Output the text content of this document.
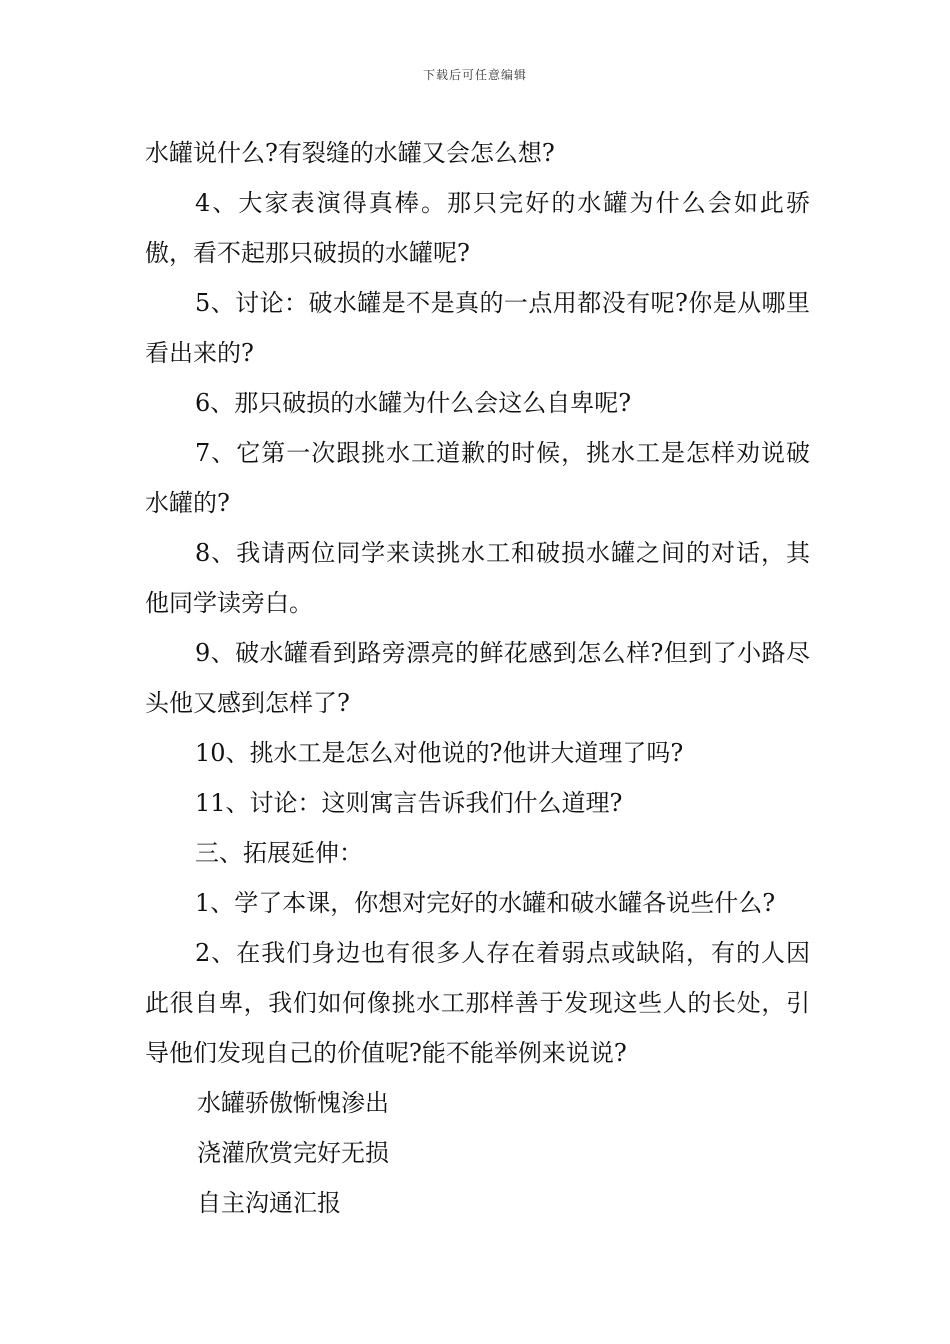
下载后可任意编辑

水罐说什么?有裂缝的水罐又会怎么想?

4、大家表演得真棒。那只完好的水罐为什么会如此骄傲，看不起那只破损的水罐呢?

5、讨论：破水罐是不是真的一点用都没有呢?你是从哪里看出来的?

6、那只破损的水罐为什么会这么自卑呢?

7、它第一次跟挑水工道歉的时候，挑水工是怎样劝说破水罐的?

8、我请两位同学来读挑水工和破损水罐之间的对话，其他同学读旁白。

9、破水罐看到路旁漂亮的鲜花感到怎么样?但到了小路尽头他又感到怎样了?

10、挑水工是怎么对他说的?他讲大道理了吗?

11、讨论：这则寓言告诉我们什么道理?

三、拓展延伸：

1、学了本课，你想对完好的水罐和破水罐各说些什么?

2、在我们身边也有很多人存在着弱点或缺陷，有的人因此很自卑，我们如何像挑水工那样善于发现这些人的长处，引导他们发现自己的价值呢?能不能举例来说说?

水罐骄傲惭愧渗出

浇灌欣赏完好无损

自主沟通汇报
